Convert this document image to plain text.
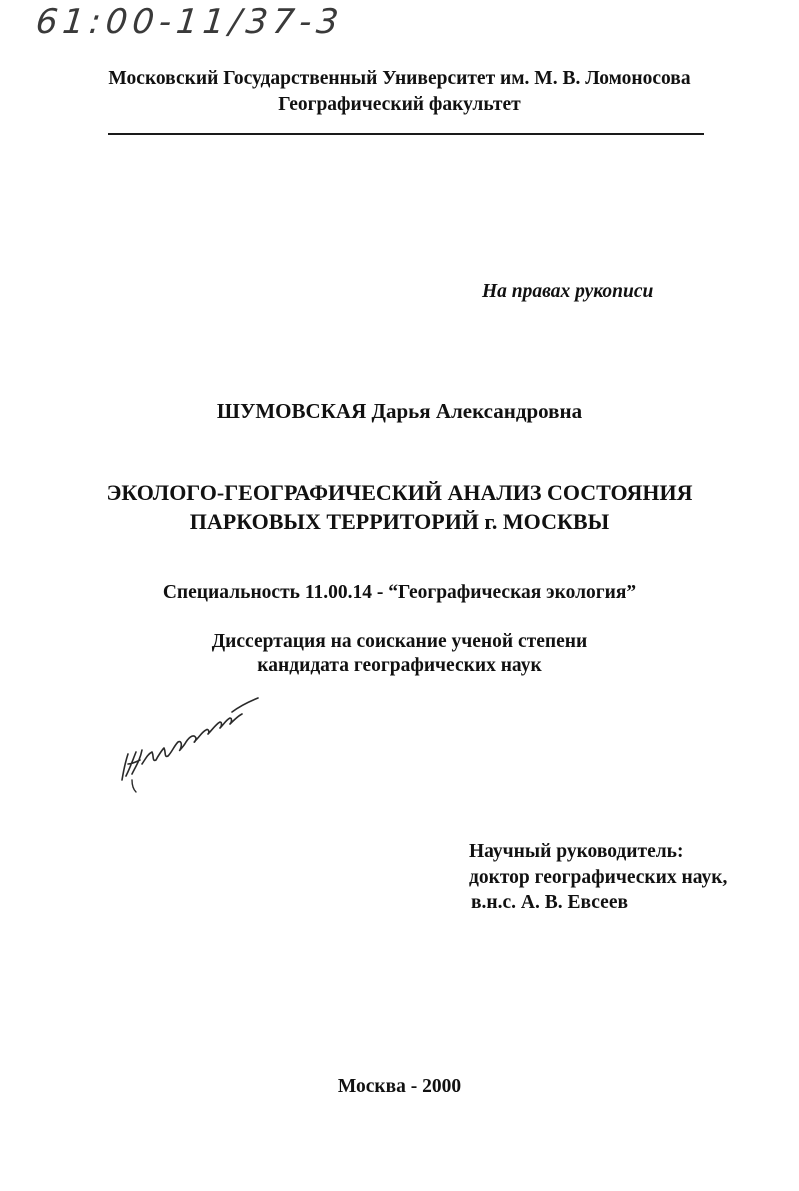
61:00-11/37-3
Московский Государственный Университет им. М. В. Ломоносова
Географический факультет
На правах рукописи
ШУМОВСКАЯ Дарья Александровна
ЭКОЛОГО-ГЕОГРАФИЧЕСКИЙ АНАЛИЗ СОСТОЯНИЯ
ПАРКОВЫХ ТЕРРИТОРИЙ г. МОСКВЫ
Специальность 11.00.14 - “Географическая экология”
Диссертация на соискание ученой степени
кандидата географических наук
Научный руководитель:
доктор географических наук,
в.н.с. А. В. Евсеев
Москва - 2000
